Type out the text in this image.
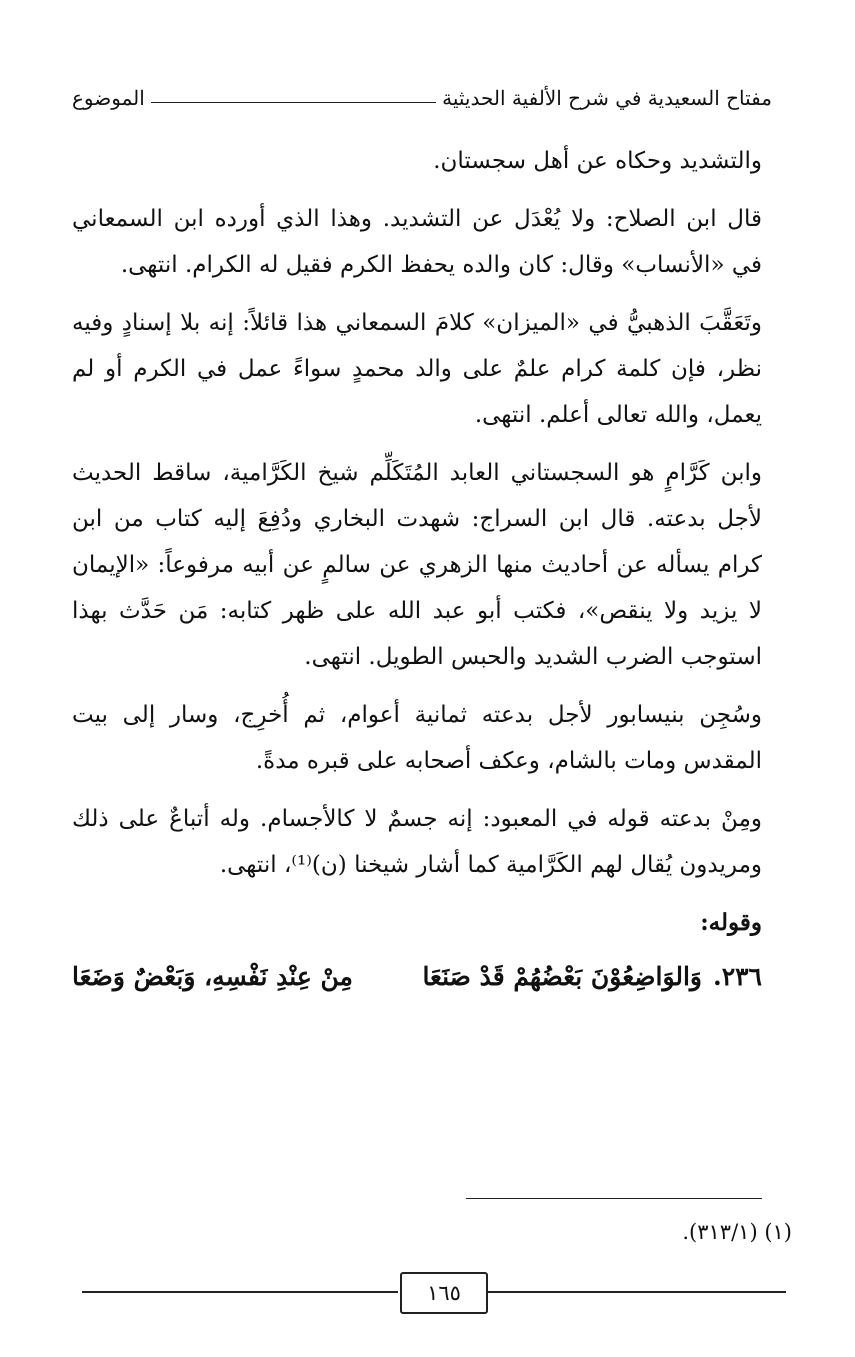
مفتاح السعيدية في شرح الألفية الحديثية
الموضوع

والتشديد وحكاه عن أهل سجستان.

قال ابن الصلاح: ولا يُعْدَل عن التشديد. وهذا الذي أورده ابن السمعاني في «الأنساب» وقال: كان والده يحفظ الكرم فقيل له الكرام. انتهى.

وتَعَقَّبَ الذهبيُّ في «الميزان» كلامَ السمعاني هذا قائلاً: إنه بلا إسنادٍ وفيه نظر، فإن كلمة كرام علمٌ على والد محمدٍ سواءً عمل في الكرم أو لم يعمل، والله تعالى أعلم. انتهى.

وابن كَرَّامٍ هو السجستاني العابد المُتَكَلِّم شيخ الكَرَّامية، ساقط الحديث لأجل بدعته. قال ابن السراج: شهدت البخاري ودُفِعَ إليه كتاب من ابن كرام يسأله عن أحاديث منها الزهري عن سالمٍ عن أبيه مرفوعاً: «الإيمان لا يزيد ولا ينقص»، فكتب أبو عبد الله على ظهر كتابه: مَن حَدَّث بهذا استوجب الضرب الشديد والحبس الطويل. انتهى.

وسُجِن بنيسابور لأجل بدعته ثمانية أعوام، ثم أُخرِج، وسار إلى بيت المقدس ومات بالشام، وعكف أصحابه على قبره مدةً.

ومِنْ بدعته قوله في المعبود: إنه جسمٌ لا كالأجسام. وله أتباعٌ على ذلك ومريدون يُقال لهم الكَرَّامية كما أشار شيخنا (ن)⁽¹⁾، انتهى.

وقوله:

٢٣٦.
وَالوَاضِعُوْنَ بَعْضُهُمْ قَدْ صَنَعَا
مِنْ عِنْدِ نَفْسِهِ، وَبَعْضٌ وَضَعَا
(١) (٣١٣/١).
١٦٥
